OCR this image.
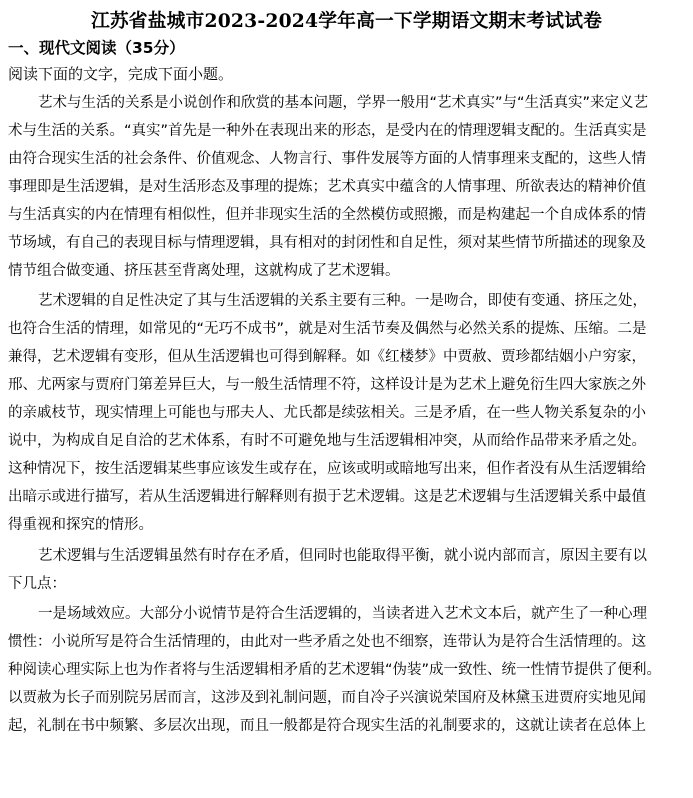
江苏省盐城市2023-2024学年高一下学期语文期末考试试卷
一、现代文阅读（35分）
阅读下面的文字，完成下面小题。
艺术与生活的关系是小说创作和欣赏的基本问题，学界一般用“艺术真实”与“生活真实”来定义艺
术与生活的关系。“真实”首先是一种外在表现出来的形态，是受内在的情理逻辑支配的。生活真实是
由符合现实生活的社会条件、价值观念、人物言行、事件发展等方面的人情事理来支配的，这些人情
事理即是生活逻辑，是对生活形态及事理的提炼；艺术真实中蕴含的人情事理、所欲表达的精神价值
与生活真实的内在情理有相似性，但并非现实生活的全然模仿或照搬，而是构建起一个自成体系的情
节场域，有自己的表现目标与情理逻辑，具有相对的封闭性和自足性，须对某些情节所描述的现象及
情节组合做变通、挤压甚至背离处理，这就构成了艺术逻辑。
艺术逻辑的自足性决定了其与生活逻辑的关系主要有三种。一是吻合，即使有变通、挤压之处，
也符合生活的情理，如常见的“无巧不成书”，就是对生活节奏及偶然与必然关系的提炼、压缩。二是
兼得，艺术逻辑有变形，但从生活逻辑也可得到解释。如《红楼梦》中贾赦、贾珍都结姻小户穷家，
邢、尤两家与贾府门第差异巨大，与一般生活情理不符，这样设计是为艺术上避免衍生四大家族之外
的亲戚枝节，现实情理上可能也与邢夫人、尤氏都是续弦相关。三是矛盾，在一些人物关系复杂的小
说中，为构成自足自洽的艺术体系，有时不可避免地与生活逻辑相冲突，从而给作品带来矛盾之处。
这种情况下，按生活逻辑某些事应该发生或存在，应该或明或暗地写出来，但作者没有从生活逻辑给
出暗示或进行描写，若从生活逻辑进行解释则有损于艺术逻辑。这是艺术逻辑与生活逻辑关系中最值
得重视和探究的情形。
艺术逻辑与生活逻辑虽然有时存在矛盾，但同时也能取得平衡，就小说内部而言，原因主要有以
下几点：
一是场域效应。大部分小说情节是符合生活逻辑的，当读者进入艺术文本后，就产生了一种心理
惯性：小说所写是符合生活情理的，由此对一些矛盾之处也不细察，连带认为是符合生活情理的。这
种阅读心理实际上也为作者将与生活逻辑相矛盾的艺术逻辑“伪装”成一致性、统一性情节提供了便利。
以贾赦为长子而别院另居而言，这涉及到礼制问题，而自冷子兴演说荣国府及林黛玉进贾府实地见闻
起，礼制在书中频繁、多层次出现，而且一般都是符合现实生活的礼制要求的，这就让读者在总体上
